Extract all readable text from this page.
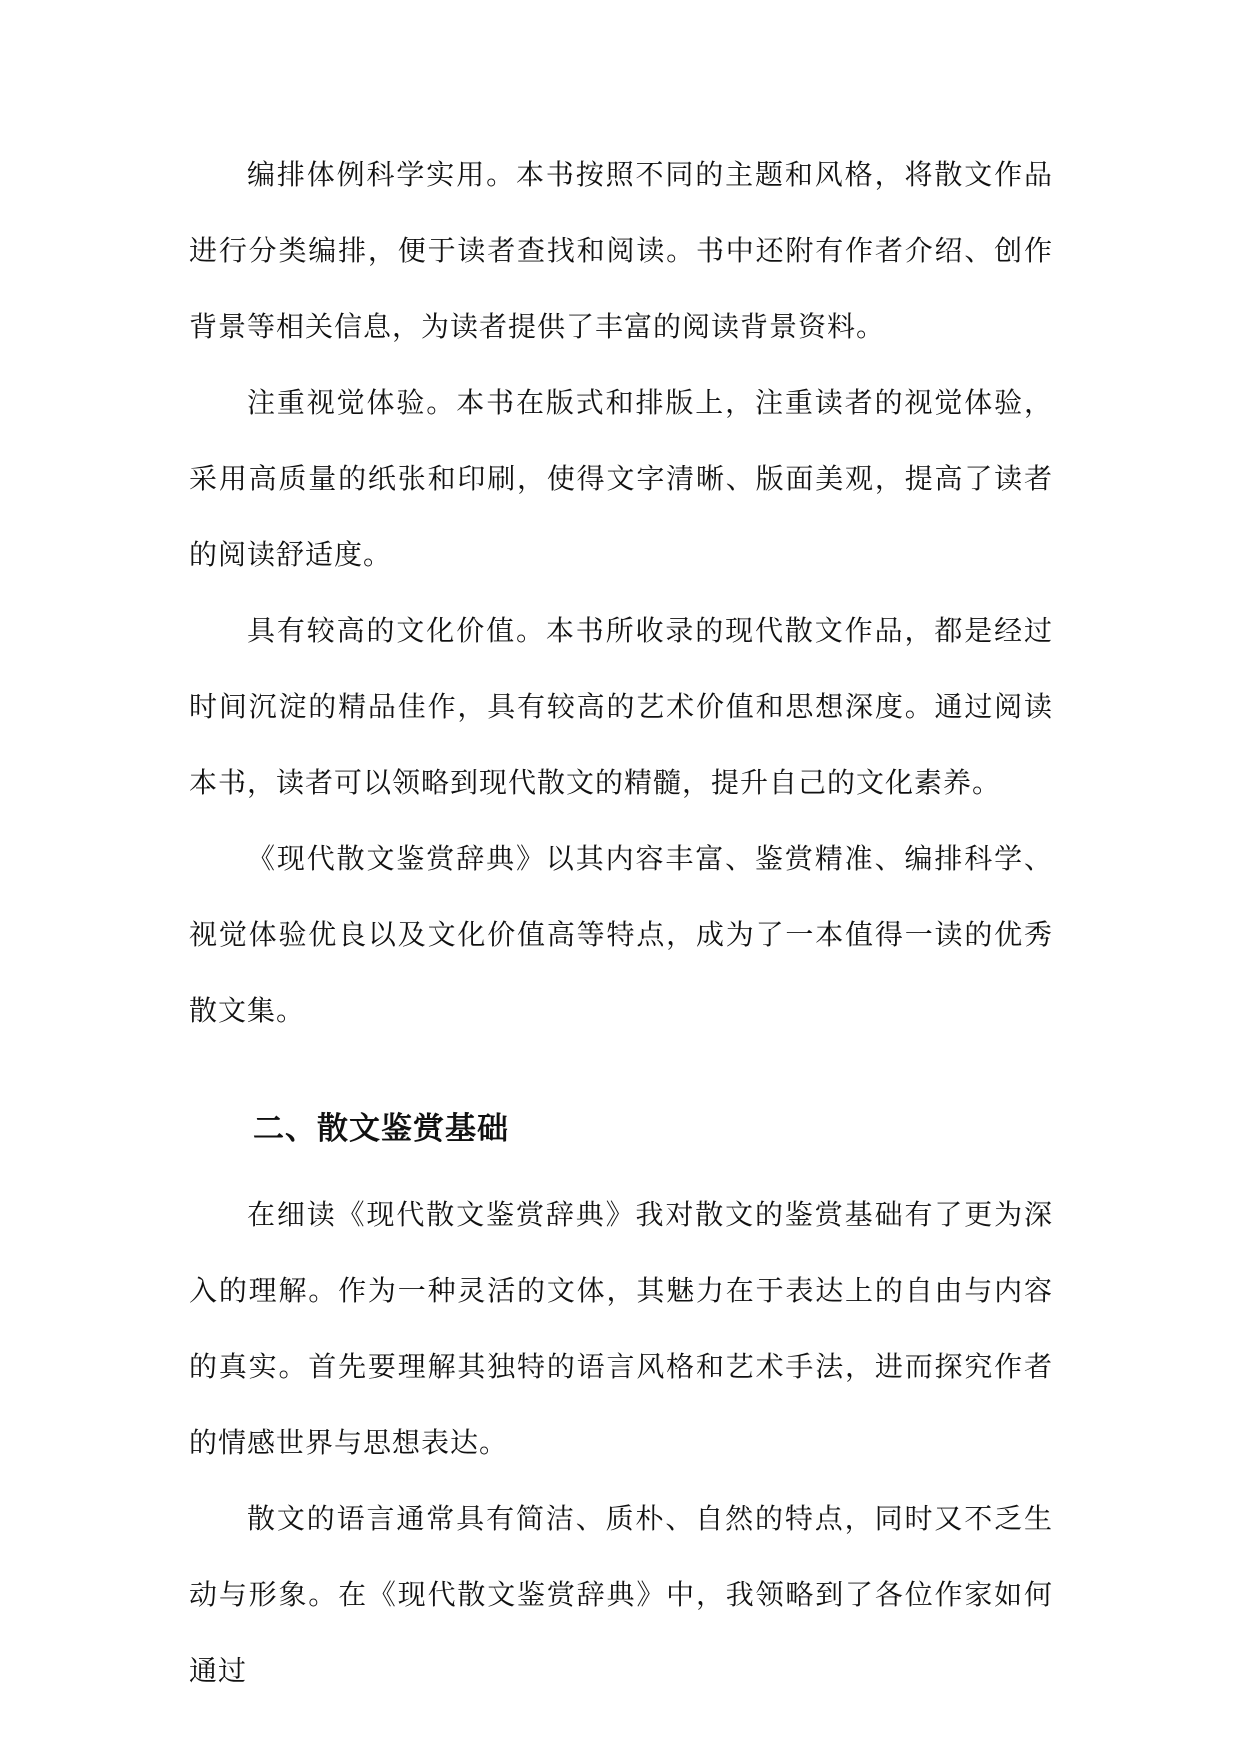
编排体例科学实用。本书按照不同的主题和风格，将散文作品进行分类编排，便于读者查找和阅读。书中还附有作者介绍、创作背景等相关信息，为读者提供了丰富的阅读背景资料。

注重视觉体验。本书在版式和排版上，注重读者的视觉体验，采用高质量的纸张和印刷，使得文字清晰、版面美观，提高了读者的阅读舒适度。

具有较高的文化价值。本书所收录的现代散文作品，都是经过时间沉淀的精品佳作，具有较高的艺术价值和思想深度。通过阅读本书，读者可以领略到现代散文的精髓，提升自己的文化素养。

《现代散文鉴赏辞典》以其内容丰富、鉴赏精准、编排科学、视觉体验优良以及文化价值高等特点，成为了一本值得一读的优秀散文集。

二、散文鉴赏基础

在细读《现代散文鉴赏辞典》我对散文的鉴赏基础有了更为深入的理解。作为一种灵活的文体，其魅力在于表达上的自由与内容的真实。首先要理解其独特的语言风格和艺术手法，进而探究作者的情感世界与思想表达。

散文的语言通常具有简洁、质朴、自然的特点，同时又不乏生动与形象。在《现代散文鉴赏辞典》中，我领略到了各位作家如何通过
